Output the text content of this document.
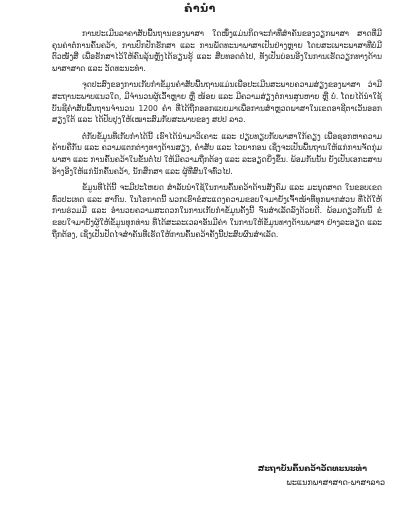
ຄໍານໍາ

ການປະເມີນລາຄາສັບພື້ນຖານຂອງພາສາ ໃດໜຶ່ງແມ່ນກິດຈະກໍາທີ່ສໍາຄັນຂອງວຽກພາສາ ສາດທີ່ມີຄຸນຄ່າຕໍ່ການຄົ້ນຄວ້າ, ການປົກປັກຮັກສາ ແລະ ການພັດທະນາພາສາເປັນຢ່າງຫຼາຍ ໂດຍສະເພາະພາສາທີ່ບໍ່ມີຕົວໜັງສື ເພື່ອຮັກສາໄວ້ໃຫ້ຄົນລຸ້ນຫຼັງໄດ້ຮຽນຮູ້ ແລະ ສືບທອດຕໍ່ໄປ, ທັງເປັນບ່ອນອີງໃນການເຮັດວຽກທາງດ້ານພາສາສາດ ແລະ ວັດທະນະທໍາ.

ຈຸດປະສົງຂອງການເກັບກໍາຂໍ້ມູນຄໍາສັບພື້ນຖານແມ່ນເພື່ອປະເມີນສະພາບຄວາມສ່ຽງຂອງພາສາ ວ່າມີສະຖານະພາບແນວໃດ, ມີຈໍານວນຜູ້ເວົ້າຫຼາຍ ຫຼື ໜ້ອຍ ແລະ ມີຄວາມສ່ຽງຕໍ່ການສູນຫາຍ ຫຼື ບໍ່. ໂດຍໄດ້ນໍາໃຊ້ບັນຊີຄໍາສັບພື້ນຖານຈໍານວນ 1200 ຄໍາ ທີ່ໄດ້ຖືກອອກແບບມາເພື່ອການສໍາຫຼວດພາສາໃນເຂດອາຊີຕາເວັນອອກສຽງໃຕ້ ແລະ ໄດ້ປັບປຸງໃຫ້ເໝາະສົມກັບສະພາບຂອງ ສປປ ລາວ.

ຕໍ່ກັບຂໍ້ມູນທີ່ເກັບກໍາໄດ້ນີ້ ເຮົາໄດ້ນໍາມາວິເຄາະ ແລະ ປຽບທຽບກັບພາສາໃກ້ຄຽງ ເພື່ອຊອກຫາຄວາມຄ້າຍຄືກັນ ແລະ ຄວາມແຕກຕ່າງທາງດ້ານສຽງ, ຄໍາສັບ ແລະ ໄວຍາກອນ ເຊິ່ງຈະເປັນພື້ນຖານໃຫ້ແກ່ການຈັດກຸ່ມພາສາ ແລະ ການຄົ້ນຄວ້າໃນຂັ້ນຕໍ່ໄປ ໃຫ້ມີຄວາມຖືກຕ້ອງ ແລະ ລະອຽດຍິ່ງຂຶ້ນ. ພ້ອມກັນນັ້ນ ຍັງເປັນເອກະສານອ້າງອີງໃຫ້ແກ່ນັກຄົ້ນຄວ້າ, ນັກສຶກສາ ແລະ ຜູ້ທີ່ສົນໃຈທົ່ວໄປ.

ຂໍ້ມູນທີ່ໄດ້ນີ້ ຈະມີປະໂຫຍດ ສໍາລັບນໍາໃຊ້ໃນການຄົ້ນຄວ້າດ້ານສັງຄົມ ແລະ ມະນຸດສາດ ໃນຂອບເຂດທົ່ວປະເທດ ແລະ ສາກົນ. ໃນໂອກາດນີ້ ພວກເຮົາຂໍສະແດງຄວາມຂອບໃຈມາຍັງເຈົ້າໜ້າທີ່ທຸກພາກສ່ວນ ທີ່ໄດ້ໃຫ້ການຮ່ວມມື ແລະ ອໍານວຍຄວາມສະດວກໃນການເກັບກໍາຂໍ້ມູນຄັ້ງນີ້ ຈົນສໍາເລັດລົງດ້ວຍດີ. ພ້ອມດຽວກັນນີ້ ຂໍຂອບໃຈມາຍັງຜູ້ໃຫ້ຂໍ້ມູນທຸກທ່ານ ທີ່ໄດ້ສະລະເວລາອັນມີຄ່າ ໃນການໃຫ້ຂໍ້ມູນທາງດ້ານພາສາ ຢ່າງລະອຽດ ແລະ ຖືກຕ້ອງ, ເຊິ່ງເປັນປັດໄຈສໍາຄັນທີ່ເຮັດໃຫ້ການຄົ້ນຄວ້າຄັ້ງນີ້ປະສົບຜົນສໍາເລັດ.

ສະຖາບັນຄົ້ນຄວ້າວັດທະນະທໍາ
ພະແນກພາສາສາດ-ພາສາລາວ
